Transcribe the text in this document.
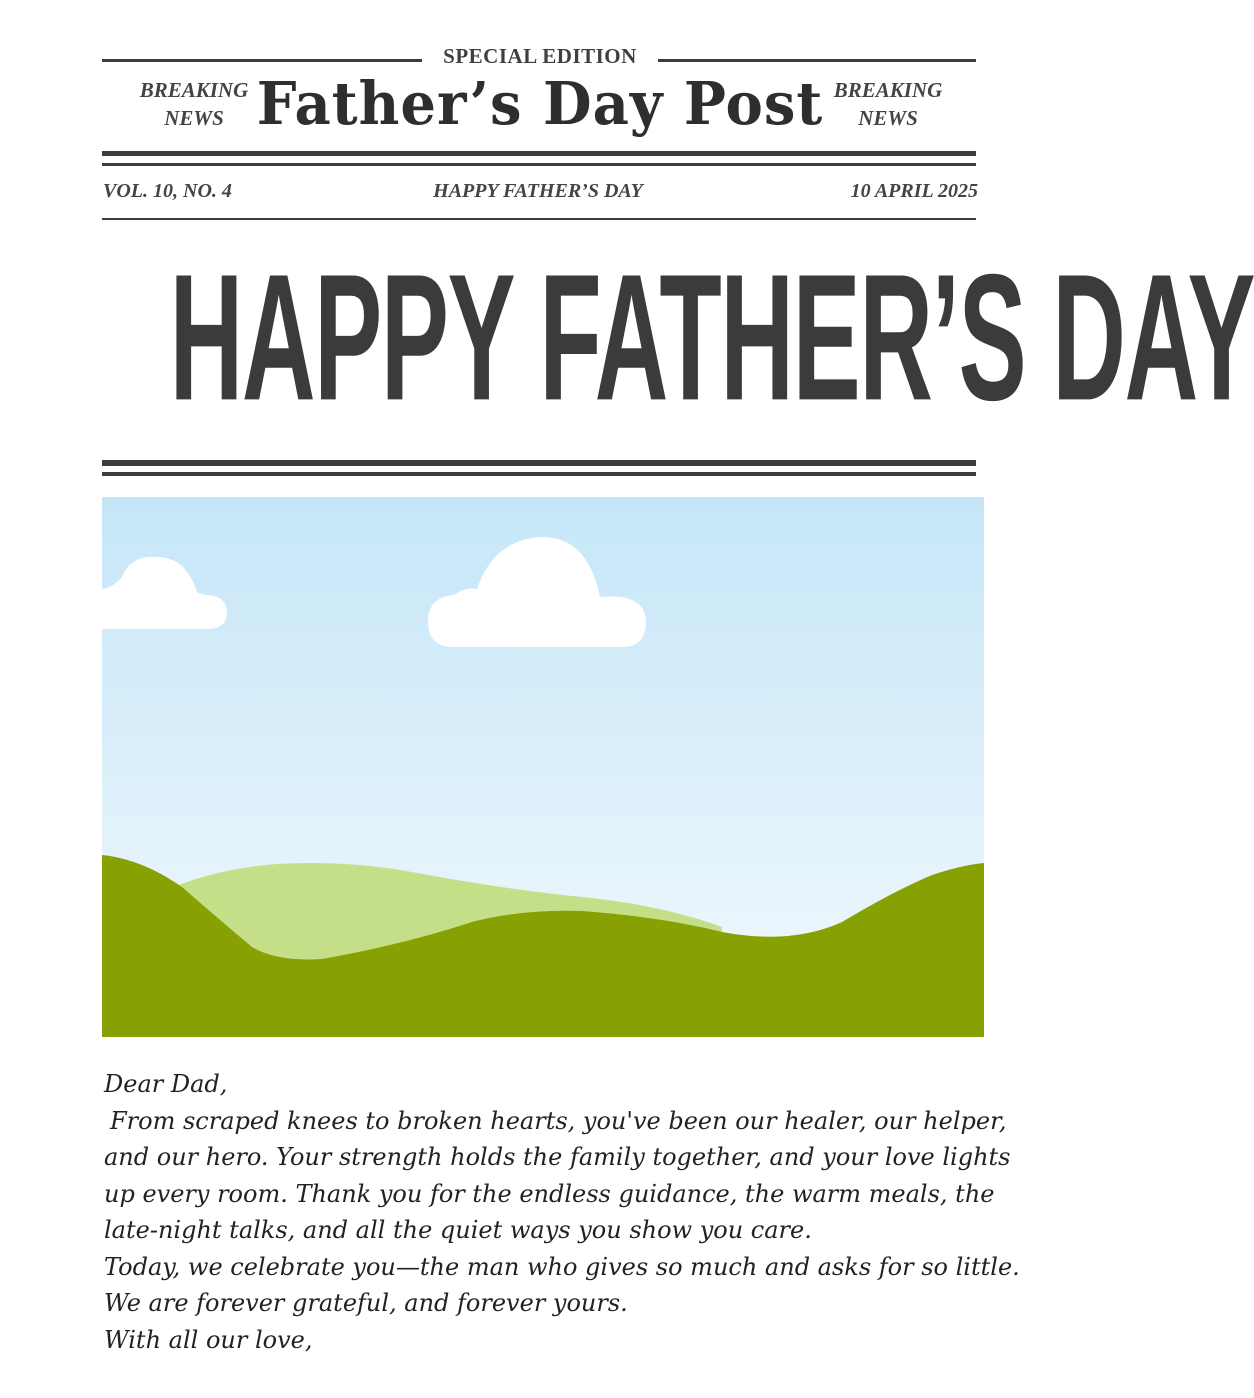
SPECIAL EDITION
BREAKING
NEWS Father’s Day Post BREAKING
NEWS
VOL. 10, NO. 4	HAPPY FATHER’S DAY	10 APRIL 2025
HAPPY FATHER’S DAY

Dear Dad,

From scraped knees to broken hearts, you've been our healer, our helper, and our hero. Your strength holds the family together, and your love lights up every room. Thank you for the endless guidance, the warm meals, the late-night talks, and all the quiet ways you show you care.

Today, we celebrate you—the man who gives so much and asks for so little.

We are forever grateful, and forever yours.

With all our love,
